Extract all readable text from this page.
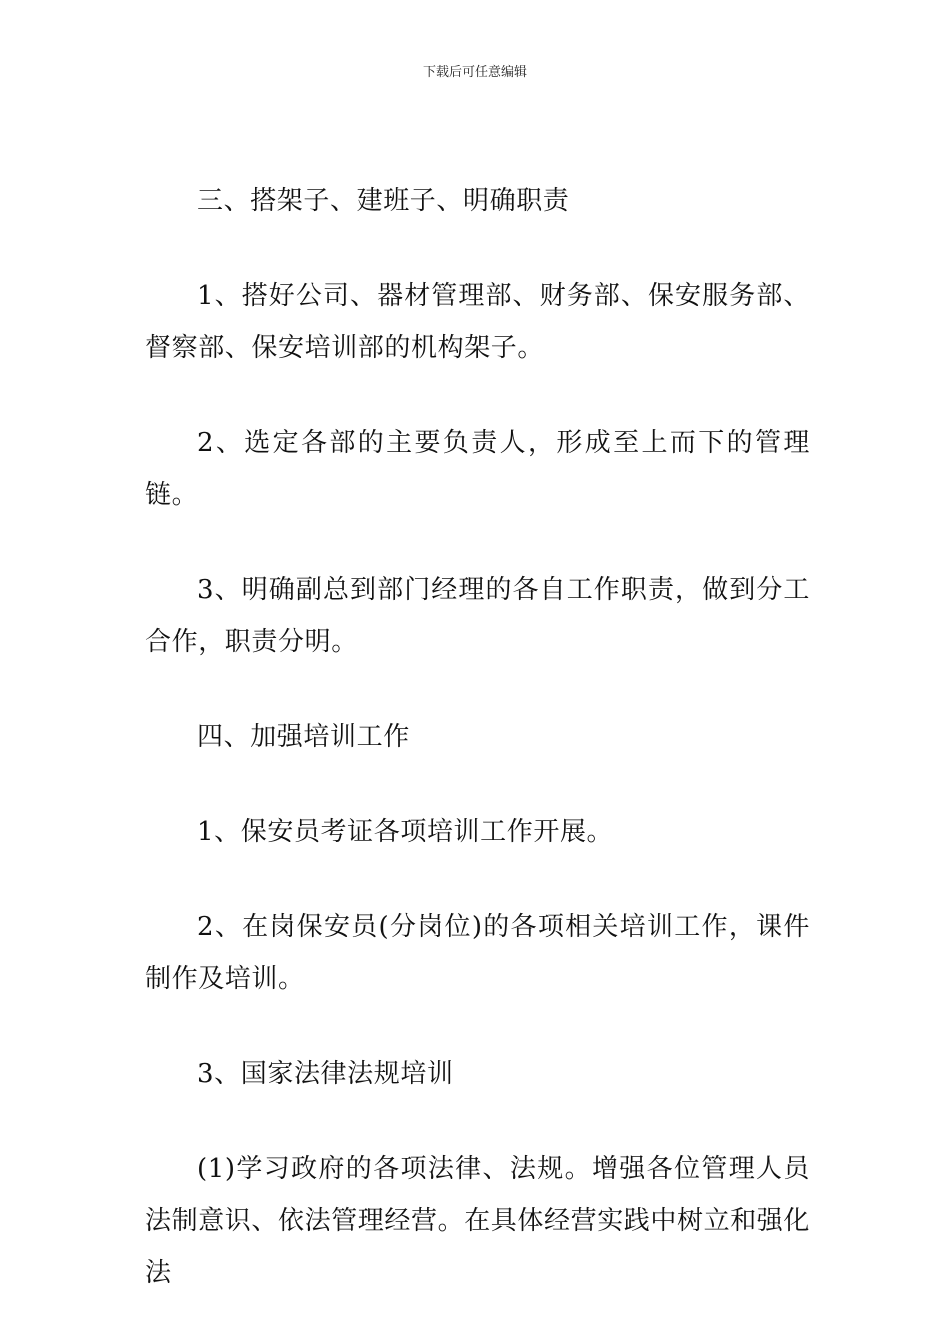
下载后可任意编辑

三、搭架子、建班子、明确职责

1、搭好公司、器材管理部、财务部、保安服务部、督察部、保安培训部的机构架子。

2、选定各部的主要负责人，形成至上而下的管理链。

3、明确副总到部门经理的各自工作职责，做到分工合作，职责分明。

四、加强培训工作

1、保安员考证各项培训工作开展。

2、在岗保安员(分岗位)的各项相关培训工作，课件制作及培训。

3、国家法律法规培训

(1)学习政府的各项法律、法规。增强各位管理人员法制意识、依法管理经营。在具体经营实践中树立和强化法
